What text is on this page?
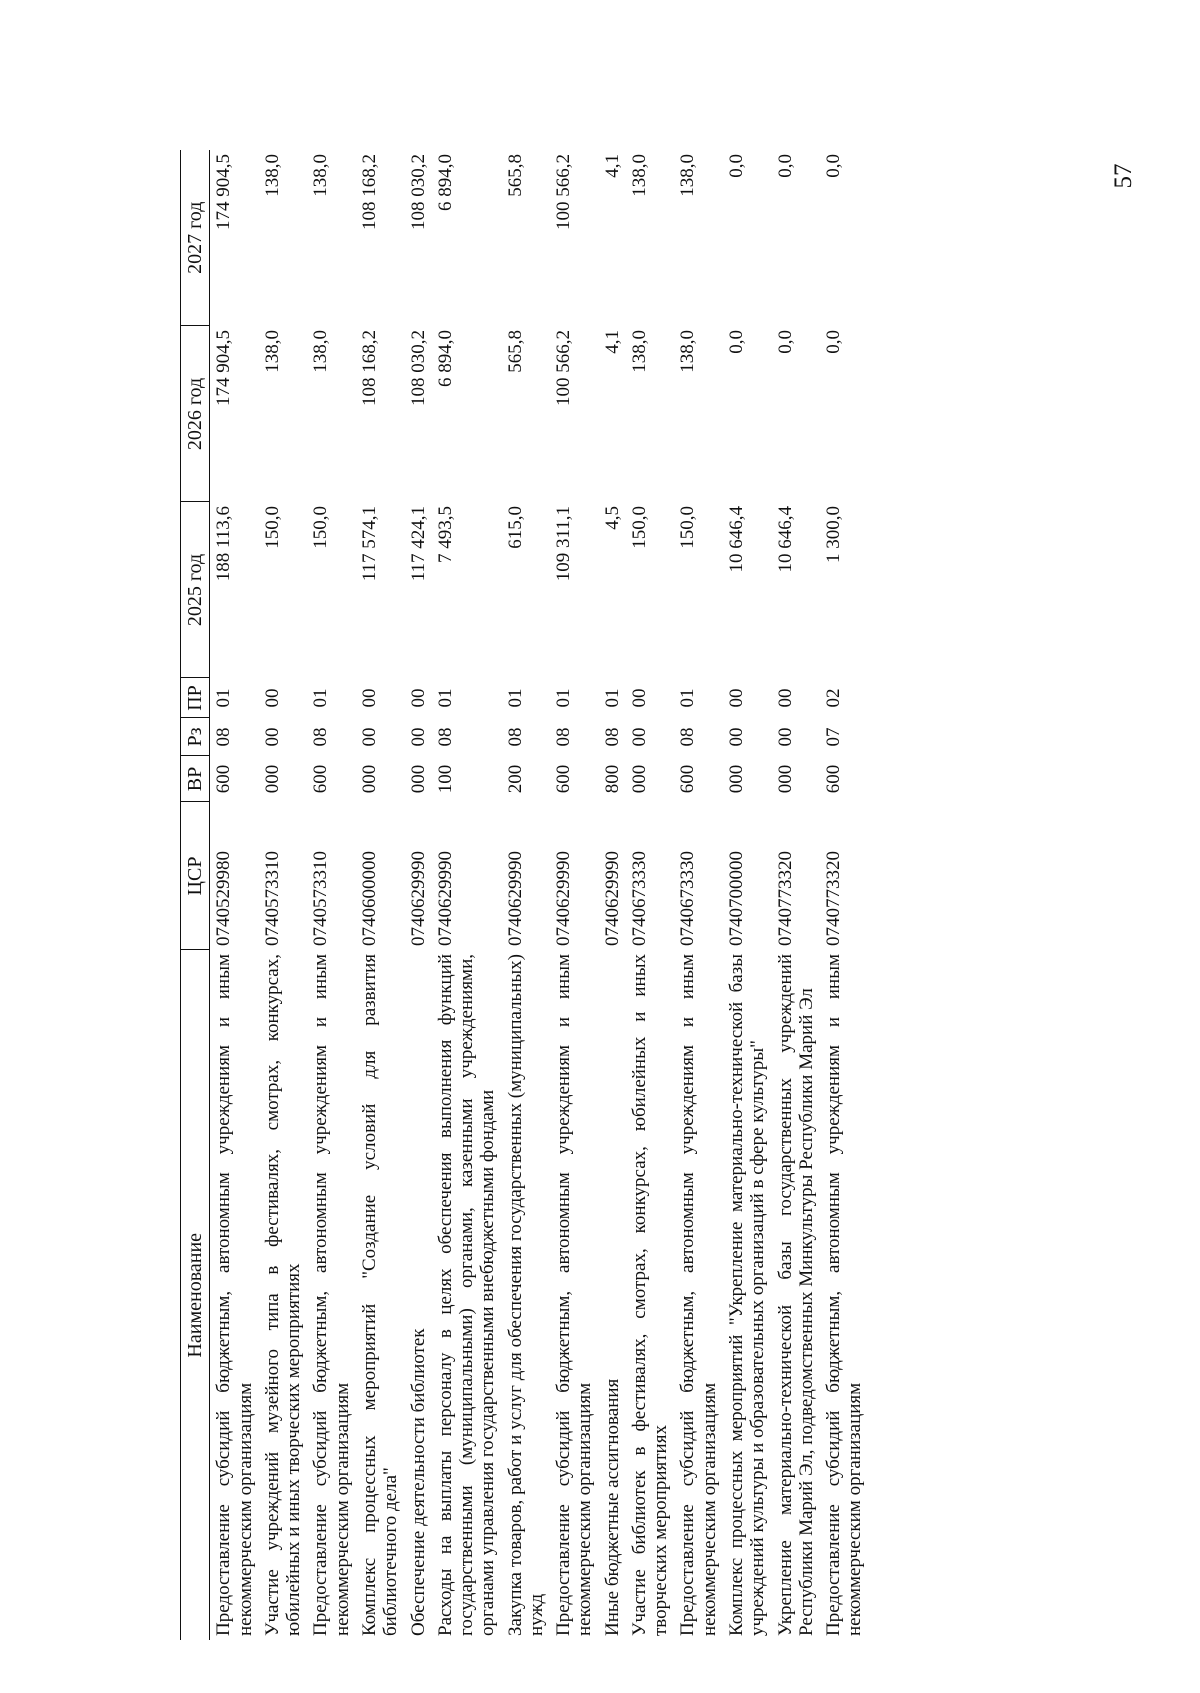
57
Наименование	ЦСР	ВР	Рз	ПР	2025 год	2026 год	2027 год
Предоставление субсидий бюджетным, автономным учреждениям и иным некоммерческим организациям	0740529980	600	08	01	188 113,6	174 904,5	174 904,5
Участие учреждений музейного типа в фестивалях, смотрах, конкурсах, юбилейных и иных творческих мероприятиях	0740573310	000	00	00	150,0	138,0	138,0
Предоставление субсидий бюджетным, автономным учреждениям и иным некоммерческим организациям	0740573310	600	08	01	150,0	138,0	138,0
Комплекс процессных мероприятий "Создание условий для развития библиотечного дела"	0740600000	000	00	00	117 574,1	108 168,2	108 168,2
Обеспечение деятельности библиотек	0740629990	000	00	00	117 424,1	108 030,2	108 030,2
Расходы на выплаты персоналу в целях обеспечения выполнения функций государственными (муниципальными) органами, казенными учреждениями, органами управления государственными внебюджетными фондами	0740629990	100	08	01	7 493,5	6 894,0	6 894,0
Закупка товаров, работ и услуг для обеспечения государственных (муниципальных) нужд	0740629990	200	08	01	615,0	565,8	565,8
Предоставление субсидий бюджетным, автономным учреждениям и иным некоммерческим организациям	0740629990	600	08	01	109 311,1	100 566,2	100 566,2
Иные бюджетные ассигнования	0740629990	800	08	01	4,5	4,1	4,1
Участие библиотек в фестивалях, смотрах, конкурсах, юбилейных и иных творческих мероприятиях	0740673330	000	00	00	150,0	138,0	138,0
Предоставление субсидий бюджетным, автономным учреждениям и иным некоммерческим организациям	0740673330	600	08	01	150,0	138,0	138,0
Комплекс процессных мероприятий "Укрепление материально-технической базы учреждений культуры и образовательных организаций в сфере культуры"	0740700000	000	00	00	10 646,4	0,0	0,0
Укрепление материально-технической базы государственных учреждений Республики Марий Эл, подведомственных Минкультуры Республики Марий Эл	0740773320	000	00	00	10 646,4	0,0	0,0
Предоставление субсидий бюджетным, автономным учреждениям и иным некоммерческим организациям	0740773320	600	07	02	1 300,0	0,0	0,0
